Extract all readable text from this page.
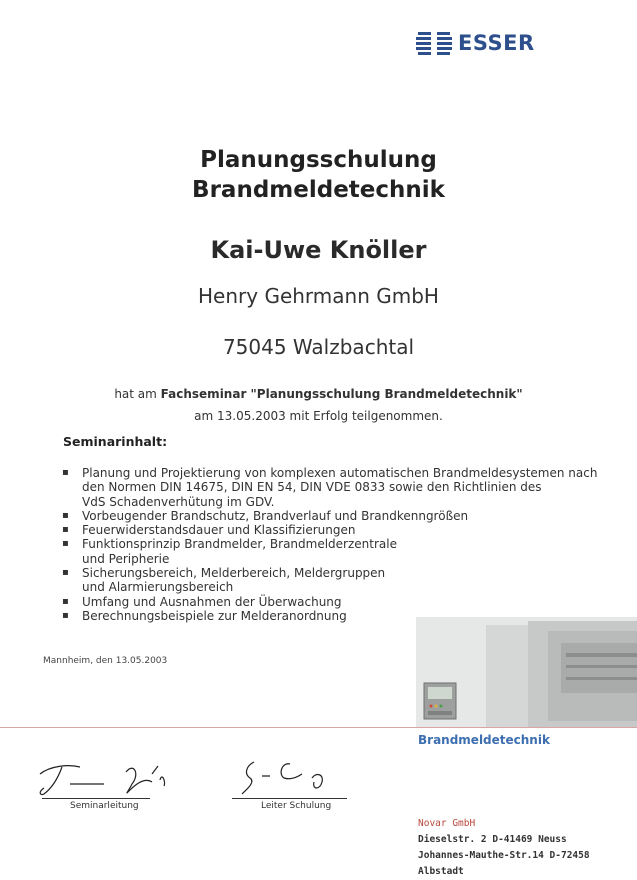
ESSER
Planungsschulung
Brandmeldetechnik
Kai-Uwe Knöller
Henry Gehrmann GmbH
75045 Walzbachtal
hat am Fachseminar "Planungsschulung Brandmeldetechnik"
am 13.05.2003 mit Erfolg teilgenommen.
Seminarinhalt:
▪ Planung und Projektierung von komplexen automatischen Brandmeldesystemen nach
den Normen DIN 14675, DIN EN 54, DIN VDE 0833 sowie den Richtlinien des
VdS Schadenverhütung im GDV.
▪ Vorbeugender Brandschutz, Brandverlauf und Brandkenngrößen
▪ Feuerwiderstandsdauer und Klassifizierungen
▪ Funktionsprinzip Brandmelder, Brandmelderzentrale
und Peripherie
▪ Sicherungsbereich, Melderbereich, Meldergruppen
und Alarmierungsbereich
▪ Umfang und Ausnahmen der Überwachung
▪ Berechnungsbeispiele zur Melderanordnung
Mannheim, den 13.05.2003
Brandmeldetechnik
Seminarleitung	Leiter Schulung
Novar GmbH
Dieselstr. 2 D-41469 Neuss
Johannes-Mauthe-Str.14 D-72458 Albstadt
